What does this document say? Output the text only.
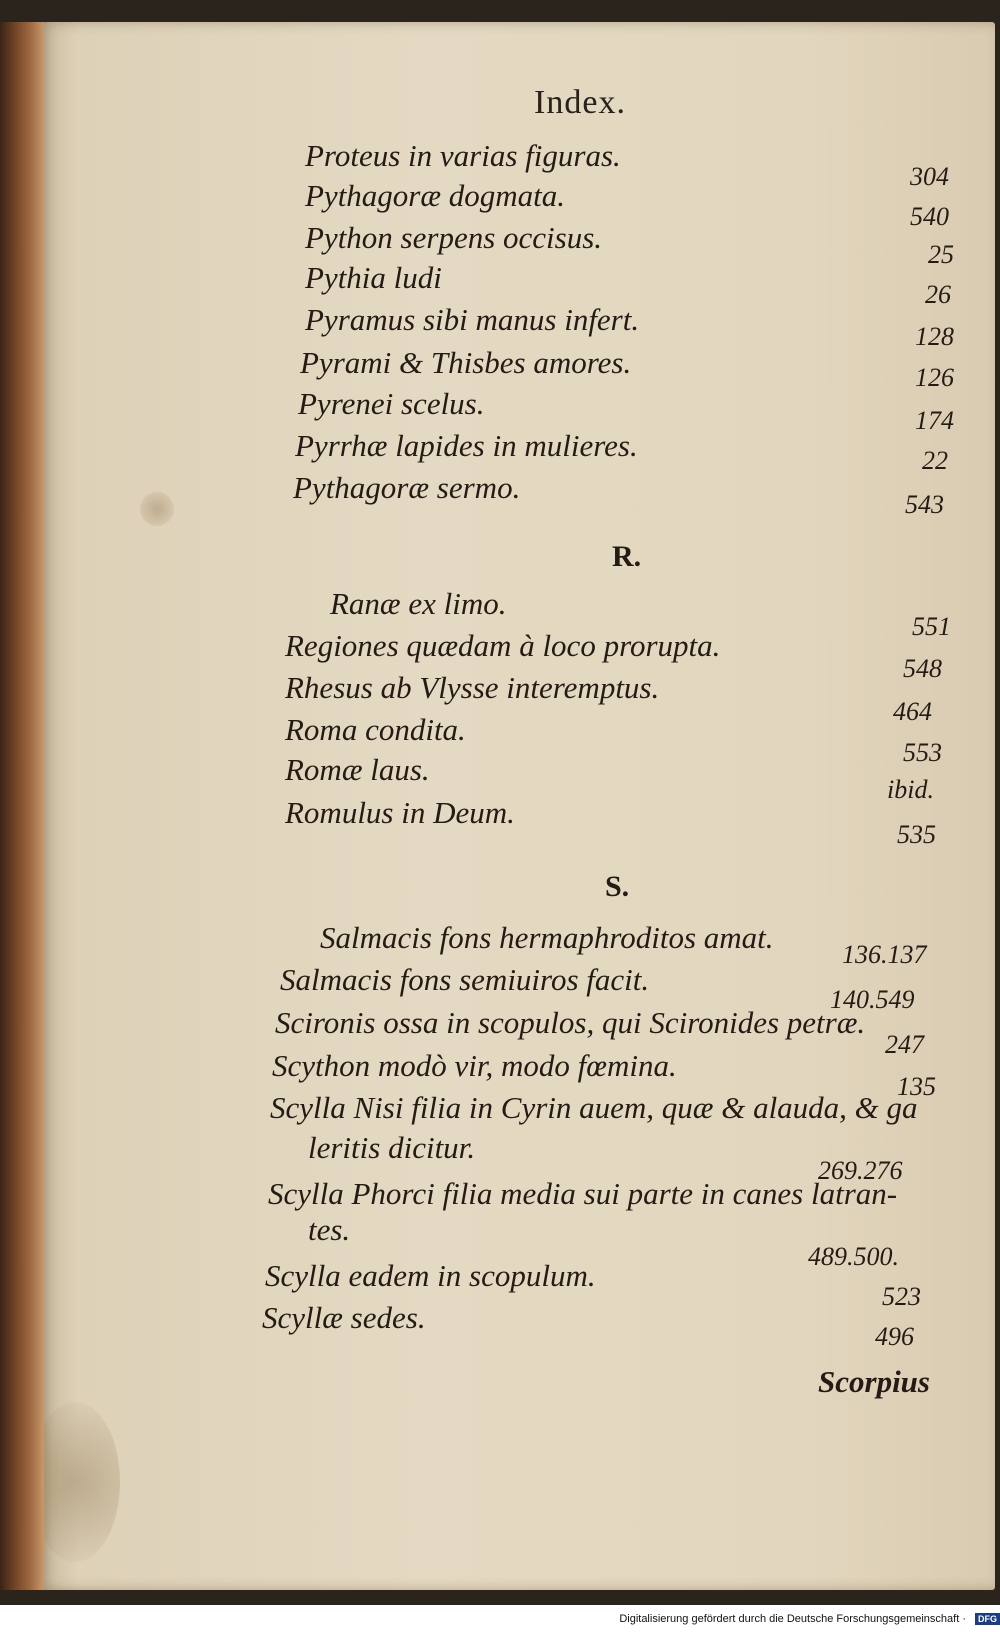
Index.
Proteus in varias figuras.
304
Pythagoræ dogmata.
540
Python serpens occisus.	25
Pythia ludi	26
Pyramus sibi manus infert.	128
Pyrami & Thisbes amores.	126
Pyrenei scelus.	174
Pyrrhæ lapides in mulieres.	22
Pythagoræ sermo.	543
R.
Ranæ ex limo.
551
Regiones quædam à loco prorupta.
548
Rhesus ab Vlysse interemptus.
464
Roma condita.
553
Romæ laus.
ibid.
Romulus in Deum.
535
S.
Salmacis fons hermaphroditos amat.	136.137
Salmacis fons semiuiros facit.
140.549
Scironis ossa in scopulos, qui Scironides petræ.
247
Scython modò vir, modo fœmina.
135
Scylla Nisi filia in Cyrin auem, quæ & alauda, & ga
leritis dicitur.
269.276
Scylla Phorci filia media sui parte in canes latran-
tes.
489.500.
Scylla eadem in scopulum.
523
Scyllæ sedes.
496
Scorpius
Digitalisierung gefördert durch die Deutsche Forschungsgemeinschaft · DFG
